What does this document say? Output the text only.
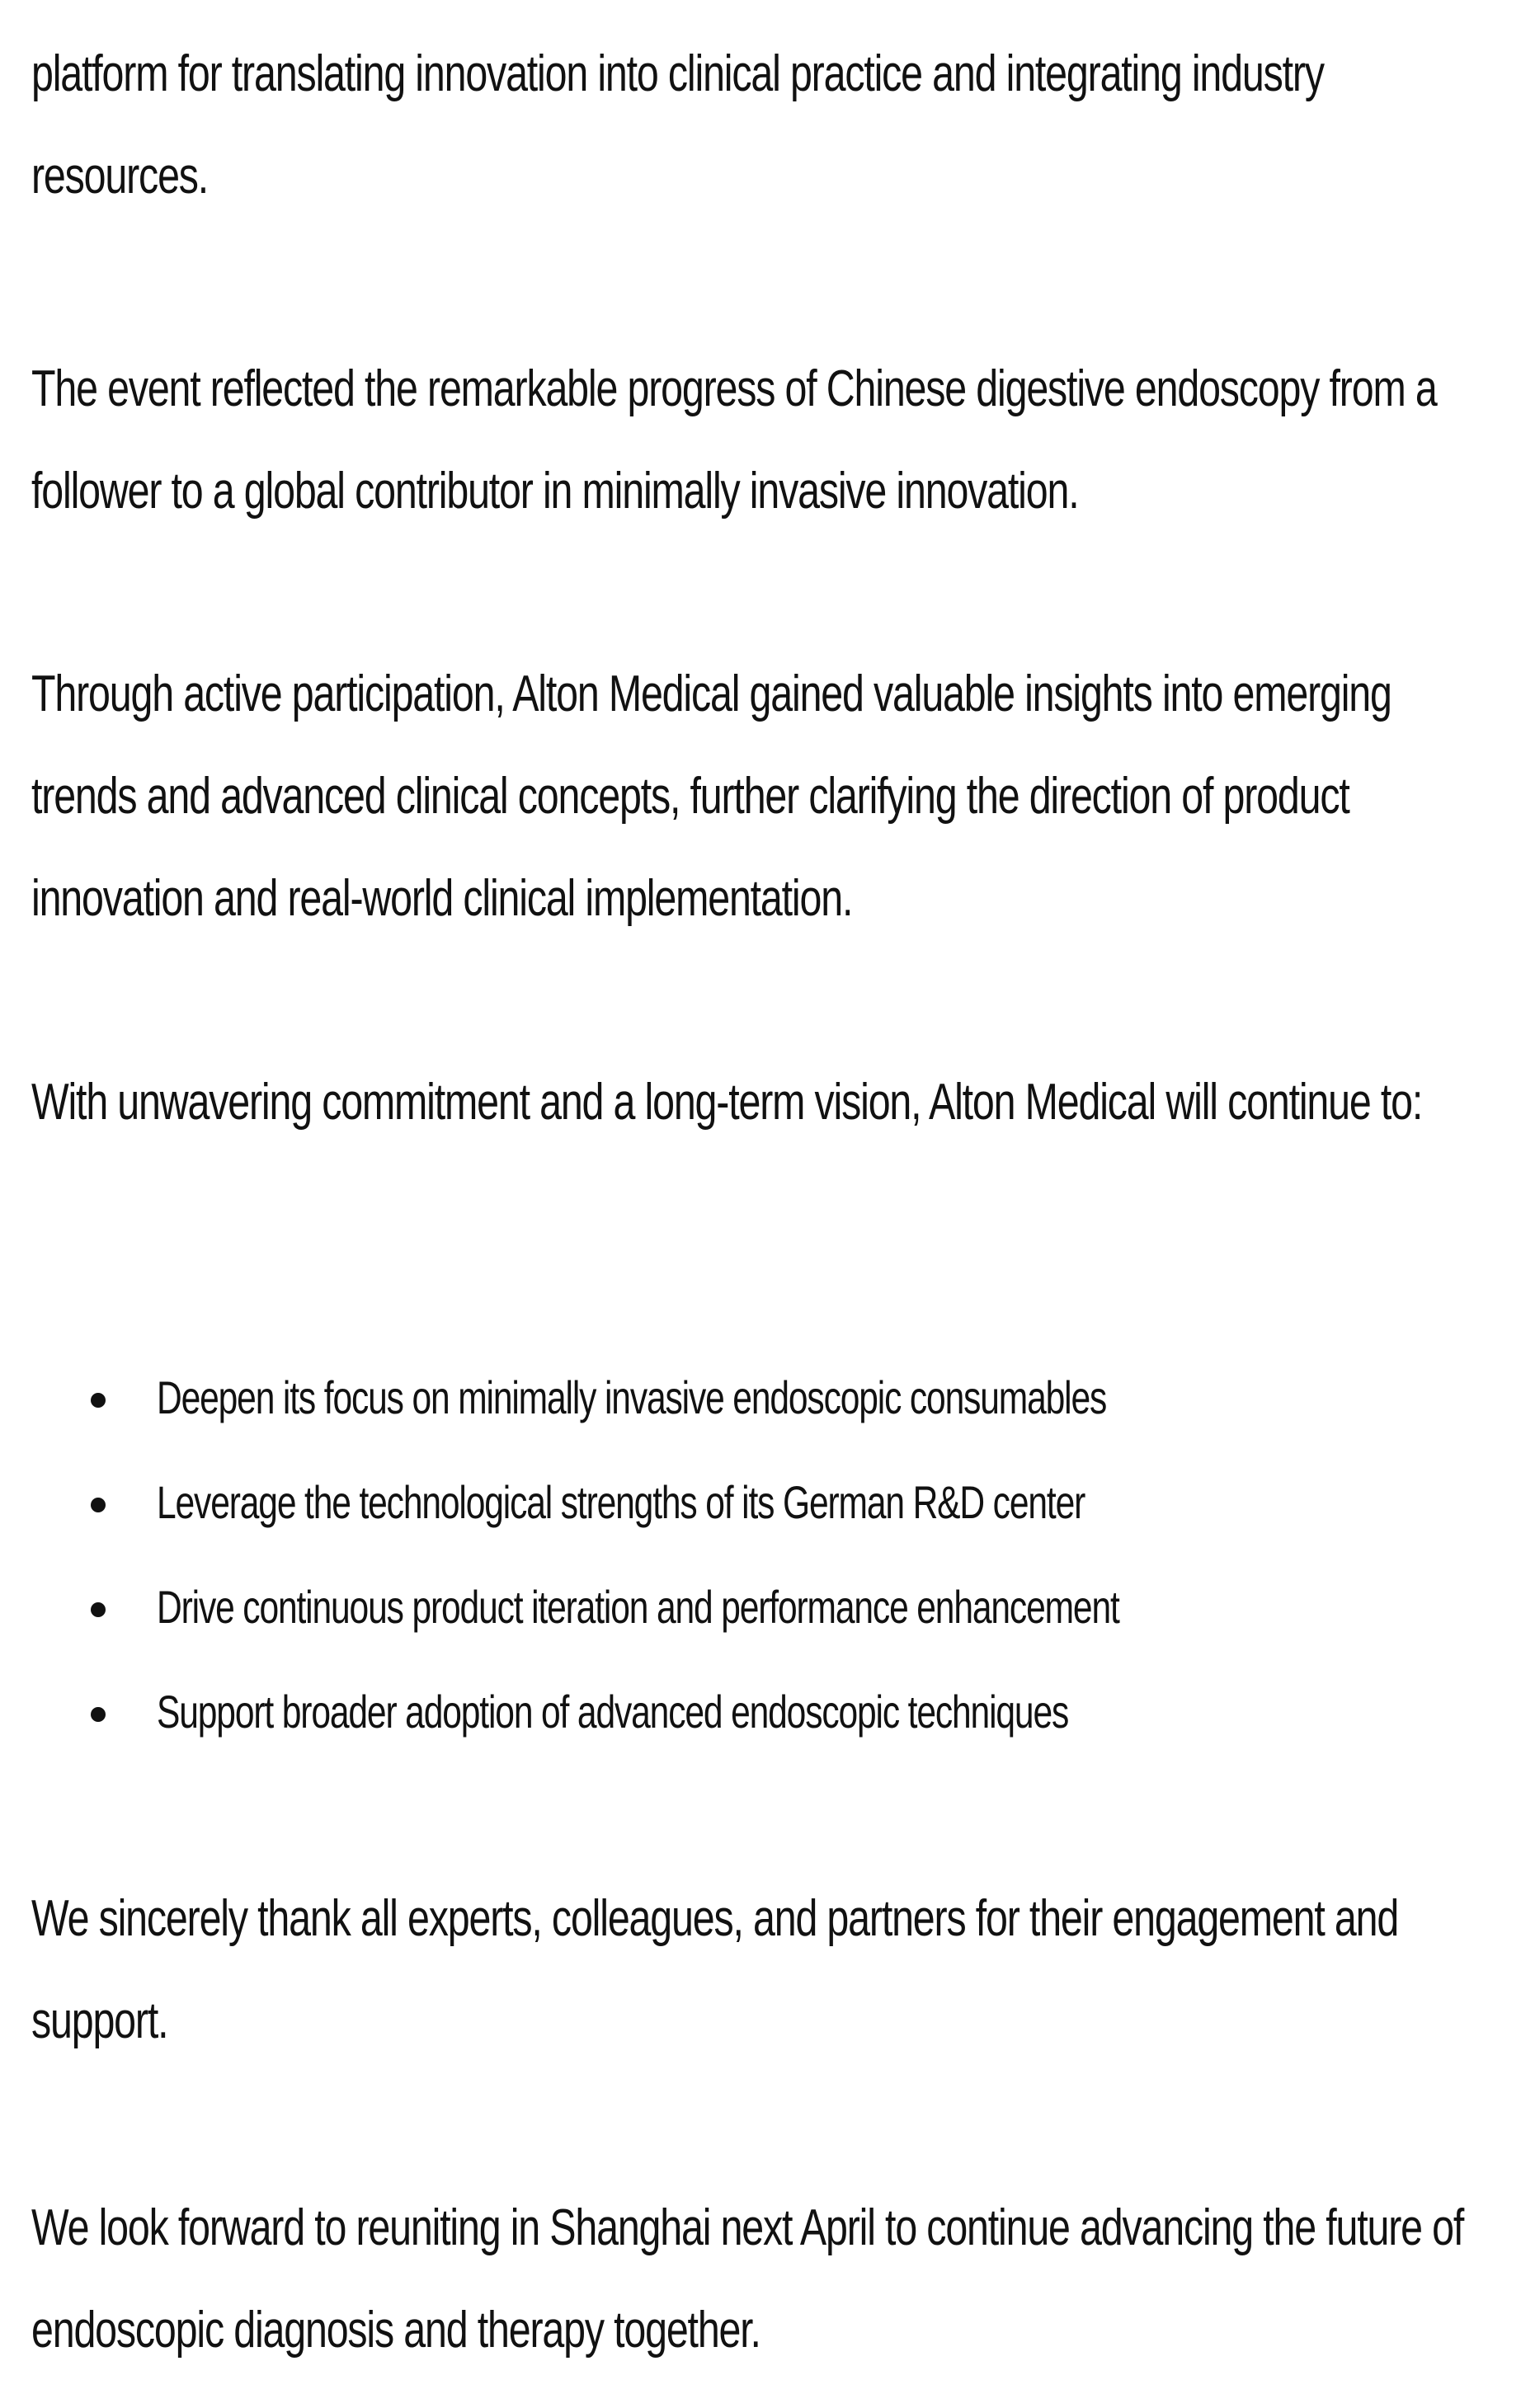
platform for translating innovation into clinical practice and integrating industry resources.

The event reflected the remarkable progress of Chinese digestive endoscopy from a follower to a global contributor in minimally invasive innovation.

Through active participation, Alton Medical gained valuable insights into emerging trends and advanced clinical concepts, further clarifying the direction of product innovation and real-world clinical implementation.

With unwavering commitment and a long-term vision, Alton Medical will continue to:

Deepen its focus on minimally invasive endoscopic consumables
Leverage the technological strengths of its German R&D center
Drive continuous product iteration and performance enhancement
Support broader adoption of advanced endoscopic techniques

We sincerely thank all experts, colleagues, and partners for their engagement and support.

We look forward to reuniting in Shanghai next April to continue advancing the future of endoscopic diagnosis and therapy together.
